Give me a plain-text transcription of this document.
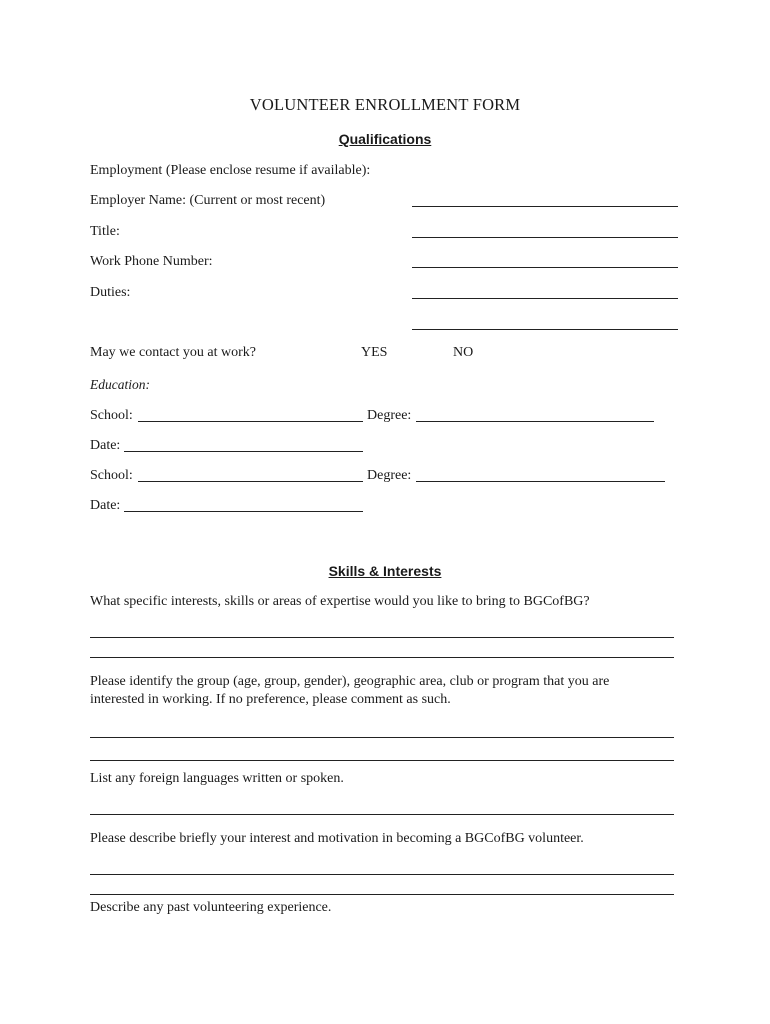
VOLUNTEER ENROLLMENT FORM
Qualifications
Employment (Please enclose resume if available):
Employer Name: (Current or most recent)
Title:
Work Phone Number:
Duties:
May we contact you at work?	YES	NO
Education:
School:	Degree:
Date:
School:	Degree:
Date:
Skills & Interests
What specific interests, skills or areas of expertise would you like to bring to BGCofBG?
Please identify the group (age, group, gender), geographic area, club or program that you are
interested in working. If no preference, please comment as such.
List any foreign languages written or spoken.
Please describe briefly your interest and motivation in becoming a BGCofBG volunteer.
Describe any past volunteering experience.
